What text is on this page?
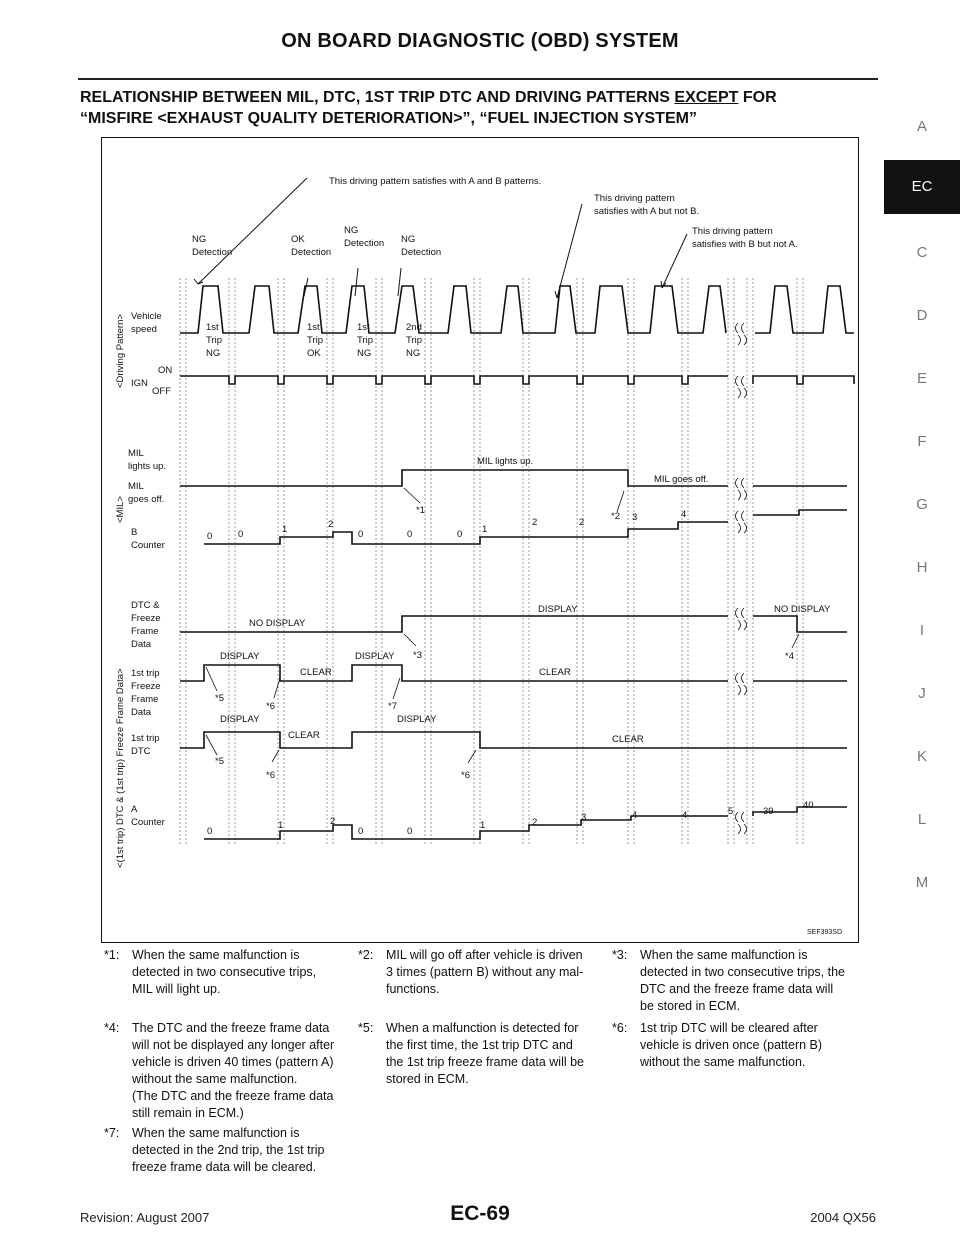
ON BOARD DIAGNOSTIC (OBD) SYSTEM
RELATIONSHIP BETWEEN MIL, DTC, 1ST TRIP DTC AND DRIVING PATTERNS EXCEPT FOR
“MISFIRE <EXHAUST QUALITY DETERIORATION>”, “FUEL INJECTION SYSTEM”	A
EC
C
D
E
F
G
H
I
J
K
L
M
This driving pattern satisfies with A and B patterns.
This driving pattern
satisfies with A but not B.
This driving pattern
satisfies with B but not A.
NG
Detection
OK
Detection
NG
Detection NG
Detection
<Driving Pattern>
<MIL>
<(1st trip) DTC & (1st trip) Freeze Frame Data>
Vehicle
speed	1st
Trip
NG
1st
Trip
OK
1st
Trip
NG
2nd
Trip
NG
IGN
ON
OFF
MIL
lights up.
MIL
goes off.
MIL lights up.
MIL goes off.
*1
*2
B
Counter
0	0	1	2
0	0	0 1
2	2	3	4
DTC &
Freeze
Frame
Data
NO DISPLAY
DISPLAY	NO DISPLAY
*3	*4
1st trip
Freeze
Frame
Data
DISPLAY
CLEAR
DISPLAY
CLEAR
*5
*6	*7
1st trip
DTC
DISPLAY
CLEAR
DISPLAY
CLEAR
*5
*6	*6
A
Counter
0
1	2
0	0
1	2	3	4	4	5	39
40
SEF393SD
*1: When the same malfunction is
detected in two consecutive trips,
MIL will light up.
*2: MIL will go off after vehicle is driven
3 times (pattern B) without any mal-
functions.
*3: When the same malfunction is
detected in two consecutive trips, the
DTC and the freeze frame data will
be stored in ECM.
*4: The DTC and the freeze frame data
will not be displayed any longer after
vehicle is driven 40 times (pattern A)
without the same malfunction.
(The DTC and the freeze frame data
still remain in ECM.)
*5: When a malfunction is detected for
the first time, the 1st trip DTC and
the 1st trip freeze frame data will be
stored in ECM.
*6: 1st trip DTC will be cleared after
vehicle is driven once (pattern B)
without the same malfunction.
*7: When the same malfunction is
detected in the 2nd trip, the 1st trip
freeze frame data will be cleared.
Revision: August 2007	EC-69	2004 QX56
